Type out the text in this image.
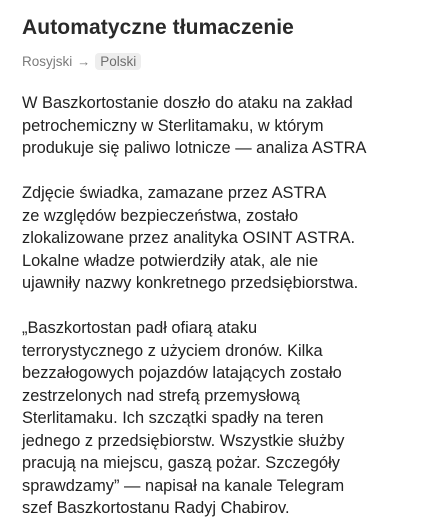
Automatyczne tłumaczenie
Rosyjski → Polski

W Baszkortostanie doszło do ataku na zakład
petrochemiczny w Sterlitamaku, w którym
produkuje się paliwo lotnicze — analiza ASTRA

Zdjęcie świadka, zamazane przez ASTRA
ze względów bezpieczeństwa, zostało
zlokalizowane przez analityka OSINT ASTRA.
Lokalne władze potwierdziły atak, ale nie
ujawniły nazwy konkretnego przedsiębiorstwa.

„Baszkortostan padł ofiarą ataku
terrorystycznego z użyciem dronów. Kilka
bezzałogowych pojazdów latających zostało
zestrzelonych nad strefą przemysłową
Sterlitamaku. Ich szczątki spadły na teren
jednego z przedsiębiorstw. Wszystkie służby
pracują na miejscu, gaszą pożar. Szczegóły
sprawdzamy” — napisał na kanale Telegram
szef Baszkortostanu Radyj Chabirov.
